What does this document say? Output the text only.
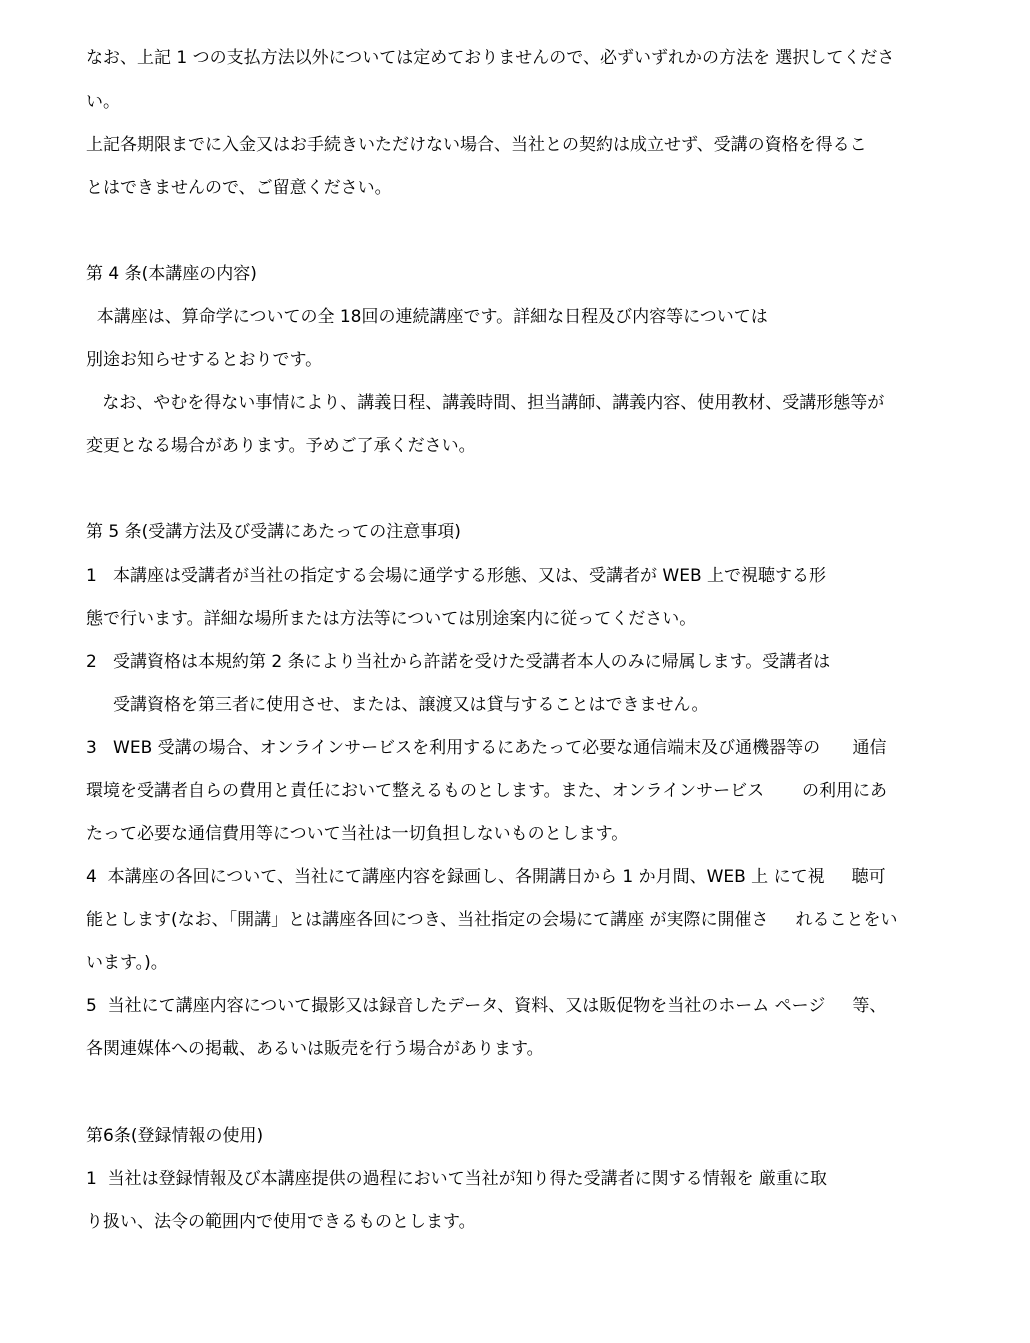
なお、上記 1 つの支払方法以外については定めておりませんので、必ずいずれかの方法を 選択してくださ

い。

上記各期限までに入金又はお手続きいただけない場合、当社との契約は成立せず、受講の資格を得るこ

とはできませんので、ご留意ください。

第 4 条(本講座の内容)

本講座は、算命学についての全 18回の連続講座です。詳細な日程及び内容等については

別途お知らせするとおりです。

なお、やむを得ない事情により、講義日程、講義時間、担当講師、講義内容、使用教材、受講形態等が

変更となる場合があります。予めご了承ください。

第 5 条(受講方法及び受講にあたっての注意事項)

1   本講座は受講者が当社の指定する会場に通学する形態、又は、受講者が WEB 上で視聴する形

態で行います。詳細な場所または方法等については別途案内に従ってください。

2   受講資格は本規約第 2 条により当社から許諾を受けた受講者本人のみに帰属します。受講者は

受講資格を第三者に使用させ、または、譲渡又は貸与することはできません。

3   WEB 受講の場合、オンラインサービスを利用するにあたって必要な通信端末及び通機器等の      通信

環境を受講者自らの費用と責任において整えるものとします。また、オンラインサービス       の利用にあ

たって必要な通信費用等について当社は一切負担しないものとします。

4  本講座の各回について、当社にて講座内容を録画し、各開講日から 1 か月間、WEB 上 にて視     聴可

能とします(なお、「開講」とは講座各回につき、当社指定の会場にて講座 が実際に開催さ     れることをい

います。)。

5  当社にて講座内容について撮影又は録音したデータ、資料、又は販促物を当社のホーム ページ     等、

各関連媒体への掲載、あるいは販売を行う場合があります。

第6条(登録情報の使用)

1  当社は登録情報及び本講座提供の過程において当社が知り得た受講者に関する情報を 厳重に取

り扱い、法令の範囲内で使用できるものとします。
